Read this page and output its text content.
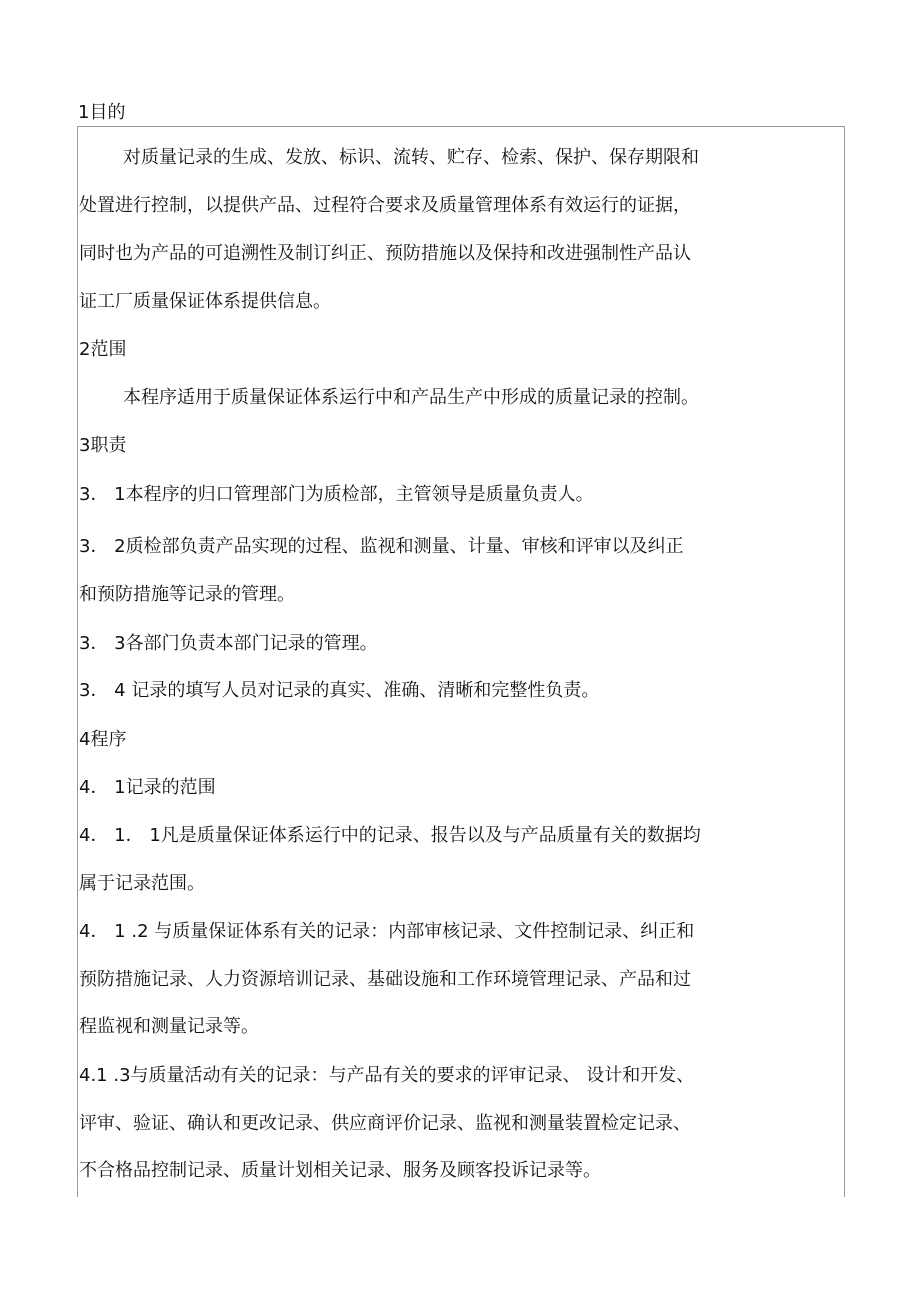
1目的
对质量记录的生成、发放、标识、流转、贮存、检索、保护、保存期限和
处置进行控制，以提供产品、过程符合要求及质量管理体系有效运行的证据，
同时也为产品的可追溯性及制订纠正、预防措施以及保持和改进强制性产品认
证工厂质量保证体系提供信息。
2范围
本程序适用于质量保证体系运行中和产品生产中形成的质量记录的控制。
3职责
3． 1本程序的归口管理部门为质检部，主管领导是质量负责人。
3． 2质检部负责产品实现的过程、监视和测量、计量、审核和评审以及纠正
和预防措施等记录的管理。
3． 3各部门负责本部门记录的管理。
3． 4 记录的填写人员对记录的真实、准确、清晰和完整性负责。
4程序
4． 1记录的范围
4． 1． 1凡是质量保证体系运行中的记录、报告以及与产品质量有关的数据均
属于记录范围。
4． 1 .2 与质量保证体系有关的记录：内部审核记录、文件控制记录、纠正和
预防措施记录、人力资源培训记录、基础设施和工作环境管理记录、产品和过
程监视和测量记录等。
4.1 .3与质量活动有关的记录：与产品有关的要求的评审记录、 设计和开发、
评审、验证、确认和更改记录、供应商评价记录、监视和测量装置检定记录、
不合格品控制记录、质量计划相关记录、服务及顾客投诉记录等。
